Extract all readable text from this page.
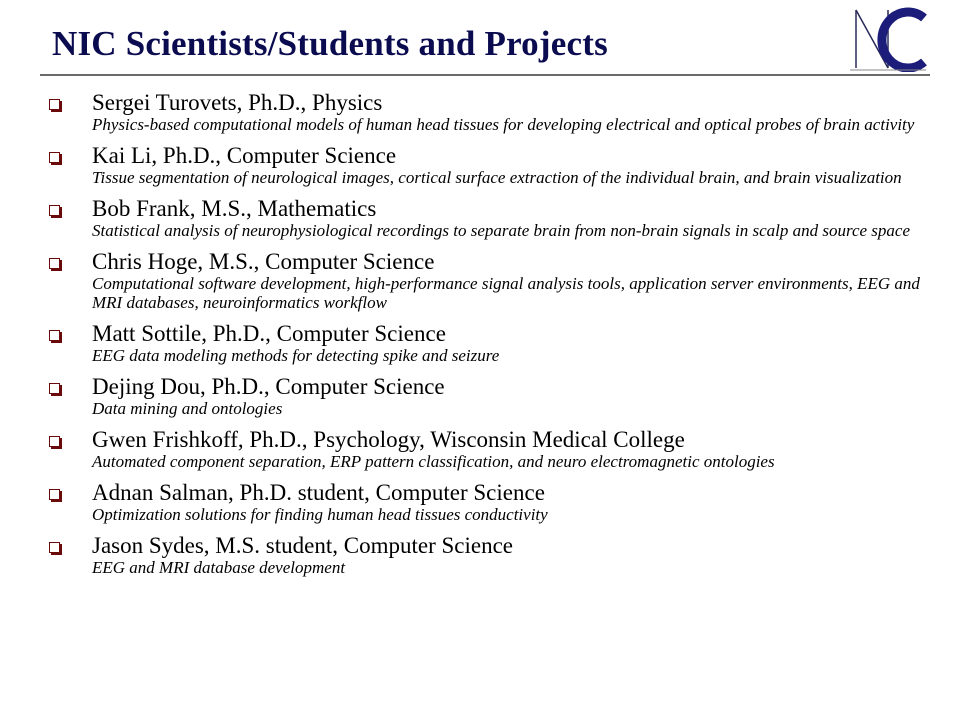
NIC Scientists/Students and Projects
Sergei Turovets, Ph.D., Physics
Physics-based computational models of human head tissues for developing electrical and optical probes of brain activity
Kai Li, Ph.D., Computer Science
Tissue segmentation of neurological images, cortical surface extraction of the individual brain, and brain visualization
Bob Frank, M.S., Mathematics
Statistical analysis of neurophysiological recordings to separate brain from non-brain signals in scalp and source space
Chris Hoge, M.S., Computer Science
Computational software development, high-performance signal analysis tools, application server environments, EEG and MRI databases, neuroinformatics workflow
Matt Sottile, Ph.D., Computer Science
EEG data modeling methods for detecting spike and seizure
Dejing Dou, Ph.D., Computer Science
Data mining and ontologies
Gwen Frishkoff, Ph.D., Psychology, Wisconsin Medical College
Automated component separation, ERP pattern classification, and neuro electromagnetic ontologies
Adnan Salman, Ph.D. student, Computer Science
Optimization solutions for finding human head tissues conductivity
Jason Sydes, M.S. student, Computer Science
EEG and MRI database development
